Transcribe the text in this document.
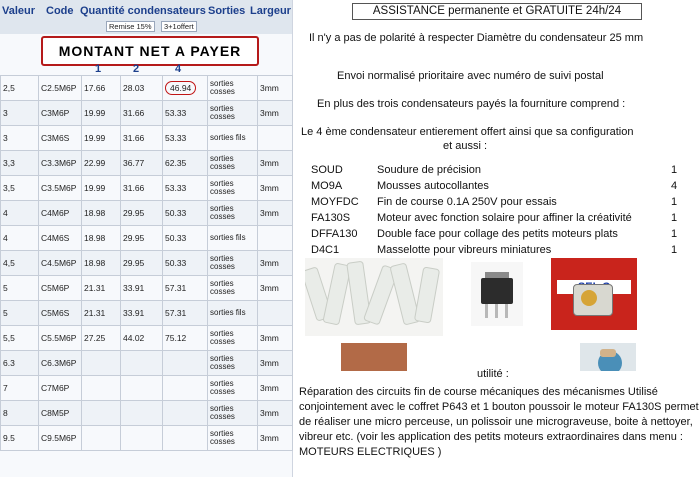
Valeur Code Quantité condensateurs Sorties Largeur
Remise 15%	3+1offert
MONTANT NET A PAYER
1	2	4
2,5	C2.5M6P	17.66	28.03	46.94	sorties cosses	3mm
3	C3M6P	19.99	31.66	53.33	sorties cosses	3mm
3	C3M6S	19.99	31.66	53.33	sorties fils	
3,3	C3.3M6P	22.99	36.77	62.35	sorties cosses	3mm
3,5	C3.5M6P	19.99	31.66	53.33	sorties cosses	3mm
4	C4M6P	18.98	29.95	50.33	sorties cosses	3mm
4	C4M6S	18.98	29.95	50.33	sorties fils	
4,5	C4.5M6P	18.98	29.95	50.33	sorties cosses	3mm
5	C5M6P	21.31	33.91	57.31	sorties cosses	3mm
5	C5M6S	21.31	33.91	57.31	sorties fils	
5,5	C5.5M6P	27.25	44.02	75.12	sorties cosses	3mm
6.3	C6.3M6P				sorties cosses	3mm
7	C7M6P				sorties cosses	3mm
8	C8M5P				sorties cosses	3mm
9.5	C9.5M6P				sorties cosses	3mm
ASSISTANCE permanente et GRATUITE 24h/24
Il n'y a pas de polarité à respecter Diamètre du condensateur 25 mm
Envoi normalisé prioritaire avec numéro de suivi postal
En plus des trois condensateurs payés la fourniture comprend :
Le 4 ème condensateur entierement offert ainsi que sa configuration
et aussi :
SOUD	Soudure de précision	1
MO9A	Mousses autocollantes	4
MOYFDC Fin de course 0.1A 250V pour essais	1
FA130S Moteur avec fonction solaire pour affiner la créativité	1
DFFA130 Double face pour collage des petits moteurs plats	1
D4C1	Masselotte pour vibreurs miniatures	1
utilité :
Réparation des circuits fin de course mécaniques des mécanismes Utilisé conjointement avec le coffret P643 et 1 bouton poussoir le moteur FA130S permet de réaliser une micro perceuse, un polissoir une micrograveuse, boite à nettoyer, vibreur etc. (voir les application des petits moteurs extraordinaires dans menu : MOTEURS ELECTRIQUES )
